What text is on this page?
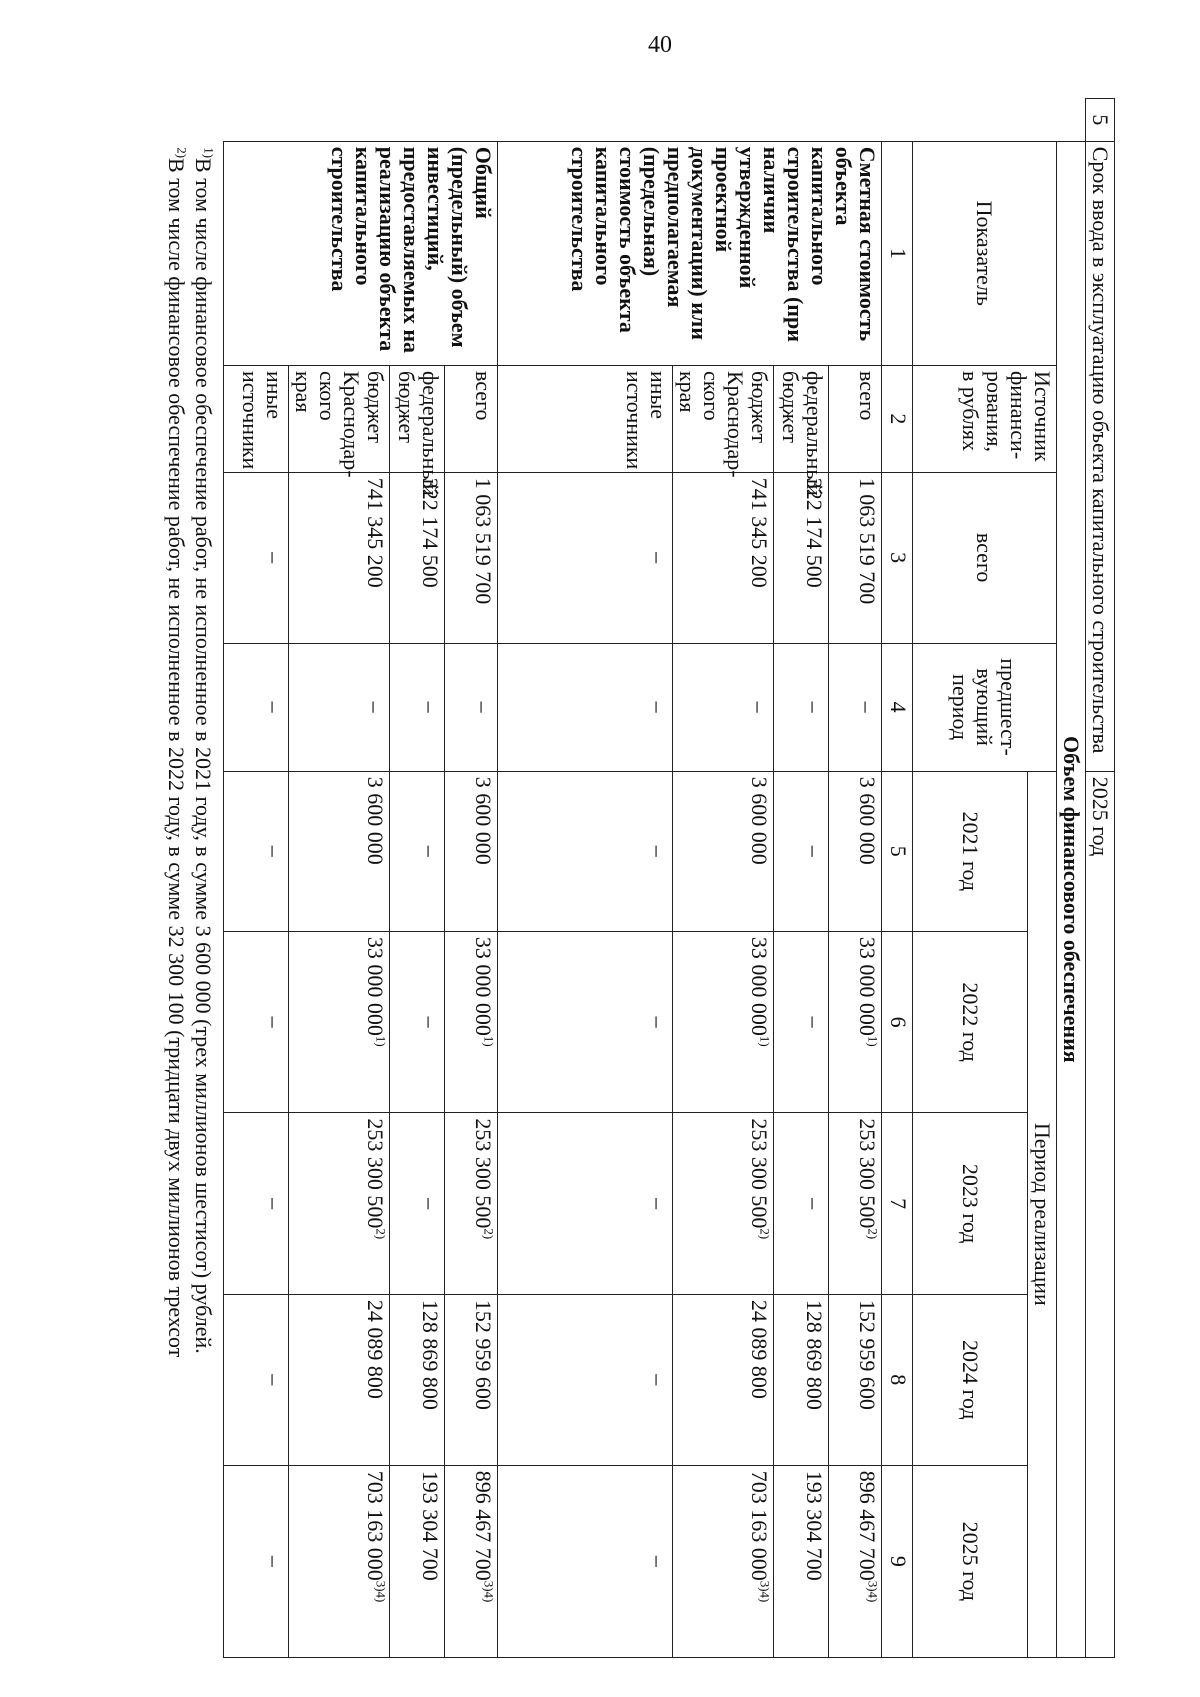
40
5	Срок ввода в эксплуатацию объекта капитального строительства				2025 год				
	Объем финансового обеспечения								
	Показатель	Источник финанси-рования, в рублях	всего	предшест-вующий период	Период реализации				
					2021 год	2022 год	2023 год	2024 год	2025 год
	1	2	3	4	5	6	7	8	9
	Сметная стоимость объекта капитального строительства (при наличии утвержденной проектной документации) или предполагаемая (предельная) стоимость объекта капитального строительства	всего	1 063 519 700	–	3 600 000	33 000 000$^{1)}$	253 300 500$^{2)}$	152 959 600	896 467 $700^{3)4)}$
		федеральный бюджет	322 174 500	–	–	–	–	128 869 800	193 304 700
		бюджет Краснодар-ского края	741 345 200	–	3 600 000	33 000 000$^{1)}$	253 300 500$^{2)}$	24 089 800	703 163 $000^{3)4)}$
		иные источники	–	–	–	–	–	–	–
	Общий (предельный) объем инвестиций, предоставляемых на реализацию объекта капитального строительства	всего	1 063 519 700	–	3 600 000	33 000 000$^{1)}$	253 300 500$^{2)}$	152 959 600	896 467 $700^{3)4)}$
		федеральный бюджет	322 174 500	–	–	–	–	128 869 800	193 304 700
		бюджет Краснодар-ского края	741 345 200	–	3 600 000	33 000 000$^{1)}$	253 300 500$^{2)}$	24 089 800	703 163 $000^{3)4)}$
		иные источники	–	–	–	–	–	–	–

	$^{1)}$В том числе финансовое обеспечение работ, не исполненное в 2021 году, в сумме 3 600 000 (трех миллионов шестисот) рублей.
$^{2)}$В том числе финансовое обеспечение работ, не исполненное в 2022 году, в сумме 32 300 100 (тридцати двух миллионов трехсот								
